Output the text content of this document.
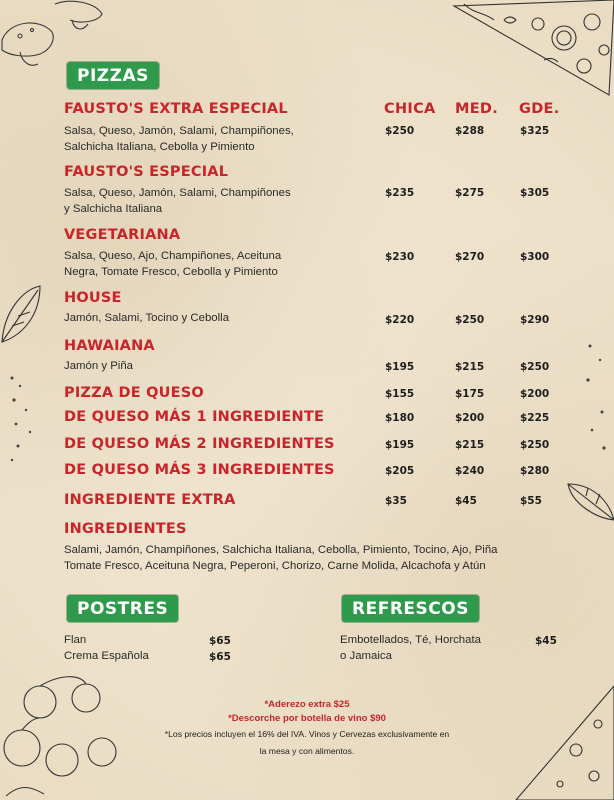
PIZZAS
CHICA MED. GDE.
FAUSTO'S EXTRA ESPECIAL
Salsa, Queso, Jamón, Salami, Champiñones,
Salchicha Italiana, Cebolla y Pimiento
$250	$288	$325
FAUSTO'S ESPECIAL
Salsa, Queso, Jamón, Salami, Champiñones
y Salchicha Italiana
$235	$275	$305
VEGETARIANA
Salsa, Queso, Ajo, Champiñones, Aceituna
Negra, Tomate Fresco, Cebolla y Pimiento
$230	$270	$300
HOUSE
Jamón, Salami, Tocino y Cebolla	$220	$250	$290
HAWAIANA
Jamón y Piña	$195	$215	$250
PIZZA DE QUESO	$155	$175	$200
DE QUESO MÁS 1 INGREDIENTE	$180	$200	$225
DE QUESO MÁS 2 INGREDIENTES	$195	$215	$250
DE QUESO MÁS 3 INGREDIENTES	$205	$240	$280
INGREDIENTE EXTRA	$35	$45	$55
INGREDIENTES
Salami, Jamón, Champiñones, Salchicha Italiana, Cebolla, Pimiento, Tocino, Ajo, Piña
Tomate Fresco, Aceituna Negra, Peperoni, Chorizo, Carne Molida, Alcachofa y Atún
POSTRES
Flan	$65
Crema Española	$65
REFRESCOS
Embotellados, Té, Horchata
o Jamaica
$45
*Aderezo extra $25
*Descorche por botella de vino $90
*Los precios incluyen el 16% del IVA. Vinos y Cervezas exclusivamente en
la mesa y con alimentos.
